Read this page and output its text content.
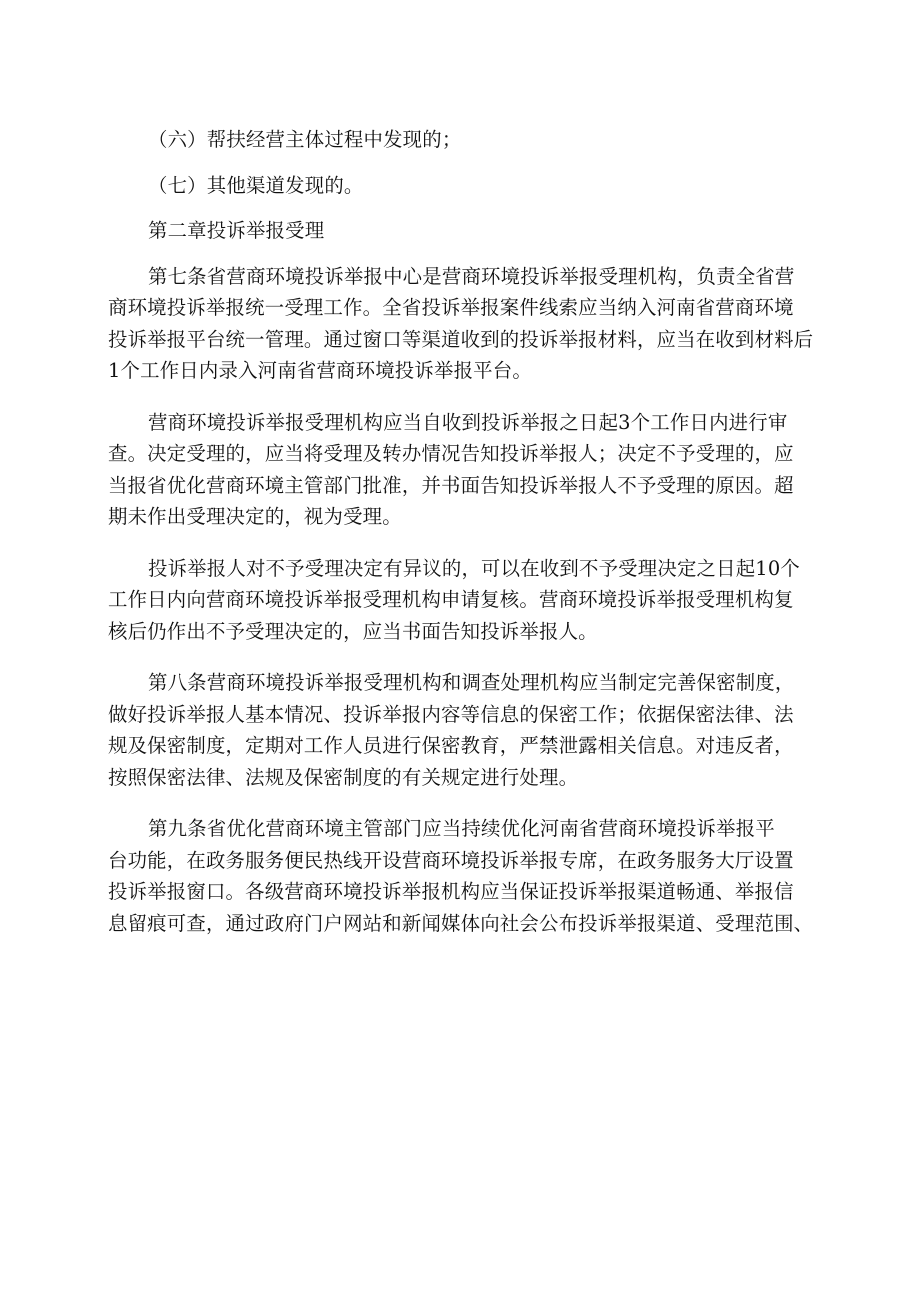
（六）帮扶经营主体过程中发现的；

（七）其他渠道发现的。

第二章投诉举报受理

第七条省营商环境投诉举报中心是营商环境投诉举报受理机构，负责全省营
商环境投诉举报统一受理工作。全省投诉举报案件线索应当纳入河南省营商环境
投诉举报平台统一管理。通过窗口等渠道收到的投诉举报材料，应当在收到材料后
1个工作日内录入河南省营商环境投诉举报平台。

营商环境投诉举报受理机构应当自收到投诉举报之日起3个工作日内进行审
查。决定受理的，应当将受理及转办情况告知投诉举报人；决定不予受理的，应
当报省优化营商环境主管部门批准，并书面告知投诉举报人不予受理的原因。超
期未作出受理决定的，视为受理。

投诉举报人对不予受理决定有异议的，可以在收到不予受理决定之日起10个
工作日内向营商环境投诉举报受理机构申请复核。营商环境投诉举报受理机构复
核后仍作出不予受理决定的，应当书面告知投诉举报人。

第八条营商环境投诉举报受理机构和调查处理机构应当制定完善保密制度，
做好投诉举报人基本情况、投诉举报内容等信息的保密工作；依据保密法律、法
规及保密制度，定期对工作人员进行保密教育，严禁泄露相关信息。对违反者，
按照保密法律、法规及保密制度的有关规定进行处理。

第九条省优化营商环境主管部门应当持续优化河南省营商环境投诉举报平
台功能，在政务服务便民热线开设营商环境投诉举报专席，在政务服务大厅设置
投诉举报窗口。各级营商环境投诉举报机构应当保证投诉举报渠道畅通、举报信
息留痕可查，通过政府门户网站和新闻媒体向社会公布投诉举报渠道、受理范围、
